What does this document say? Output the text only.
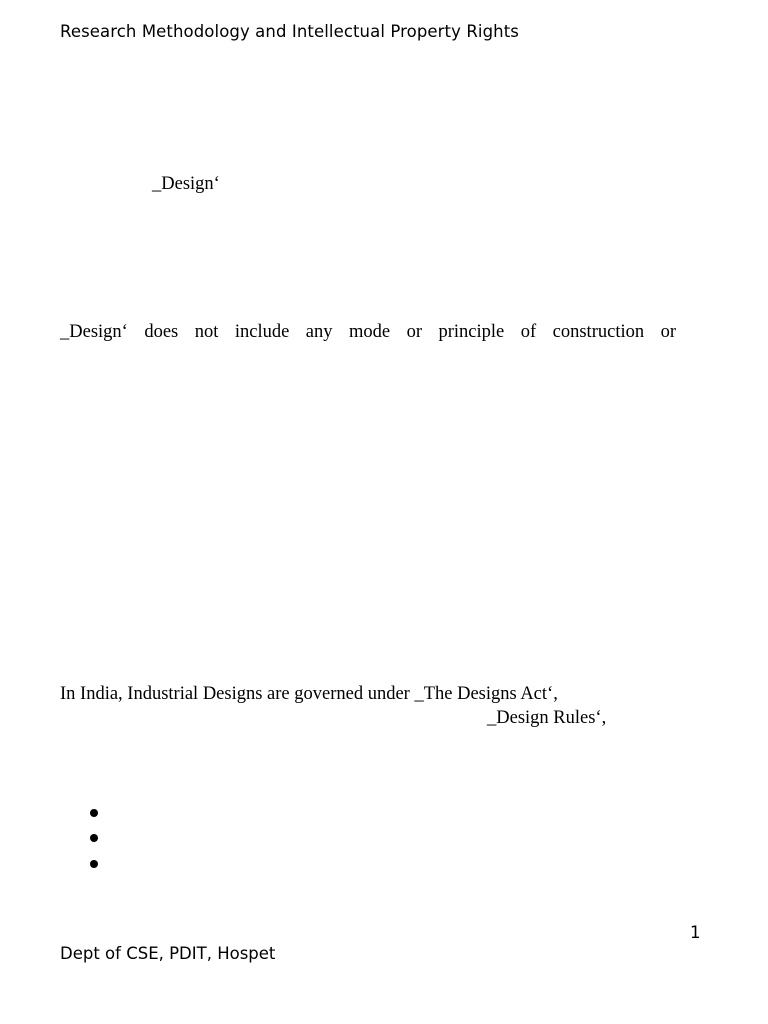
Research Methodology and Intellectual Property Rights
_Design‘
_Design‘ does not include any mode or principle of construction or
In India, Industrial Designs are governed under _The Designs Act‘,
_Design Rules‘,
1
Dept of CSE, PDIT, Hospet
